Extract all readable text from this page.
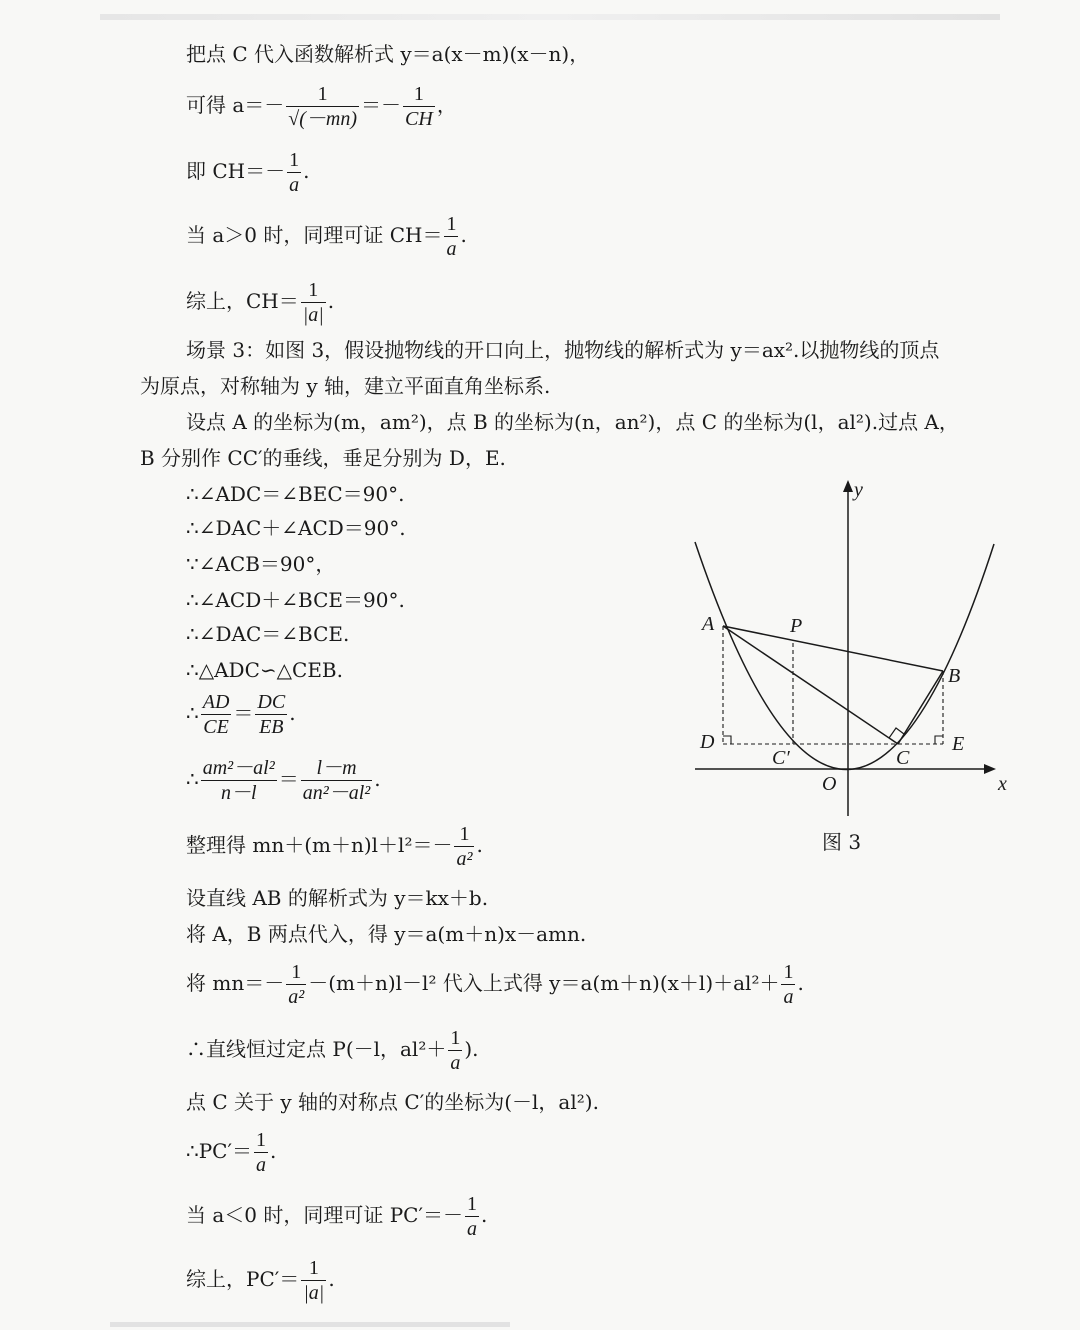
把点 C 代入函数解析式 y＝a(x－m)(x－n)，
可得 $a=- \frac{1}{√(-mn)} =- \frac{1}{CH}$ ，
即 $CH=- \frac{1}{a}$ .
当 a＞0 时，同理可证 $CH= \frac{1}{a}$ .
综上，$CH= \frac{1}{|a|}$ .
场景 3：如图 3，假设抛物线的开口向上，抛物线的解析式为 y＝ax².以抛物线的顶点
为原点，对称轴为 y 轴，建立平面直角坐标系.
设点 A 的坐标为(m，am²)，点 B 的坐标为(n，an²)，点 C 的坐标为(l，al²).过点 A，
B 分别作 CC′的垂线，垂足分别为 D，E.
∴∠ADC＝∠BEC＝90°.
∴∠DAC＋∠ACD＝90°.
∵∠ACB＝90°，
∴∠ACD＋∠BCE＝90°.
∴∠DAC＝∠BCE.
∴△ADC∽△CEB.
∴ $\frac{AD}{CE} = \frac{DC}{EB}$ .
∴ $\frac{\text{am²－al²}}{n-l} = \frac{l-m}{\text{an²－al²}}$ .
整理得 $mn+(m+n)l+l^2=- \frac{1}{\text{a²}}$ .
设直线 AB 的解析式为 y＝kx＋b.
将 A，B 两点代入，得 y＝a(m＋n)x－amn.
将 $mn=- \frac{1}{\text{a²}} -(m+n)l-l^2$ 代入上式得 $y=a(m+n)(x+l)+al^2+ \frac{1}{a}$ .
∴直线恒过定点 P(－l，$al^2+ \frac{1}{a}$ ).
点 C 关于 y 轴的对称点 C′的坐标为(－l，al²).
∴PC′＝ $\frac{1}{a}$ .
当 a＜0 时，同理可证 $PC'=- \frac{1}{a}$ .
综上，$PC'= \frac{1}{|a|}$ .
y
x
O
A
B
P
C
C′
D	E
图 3
